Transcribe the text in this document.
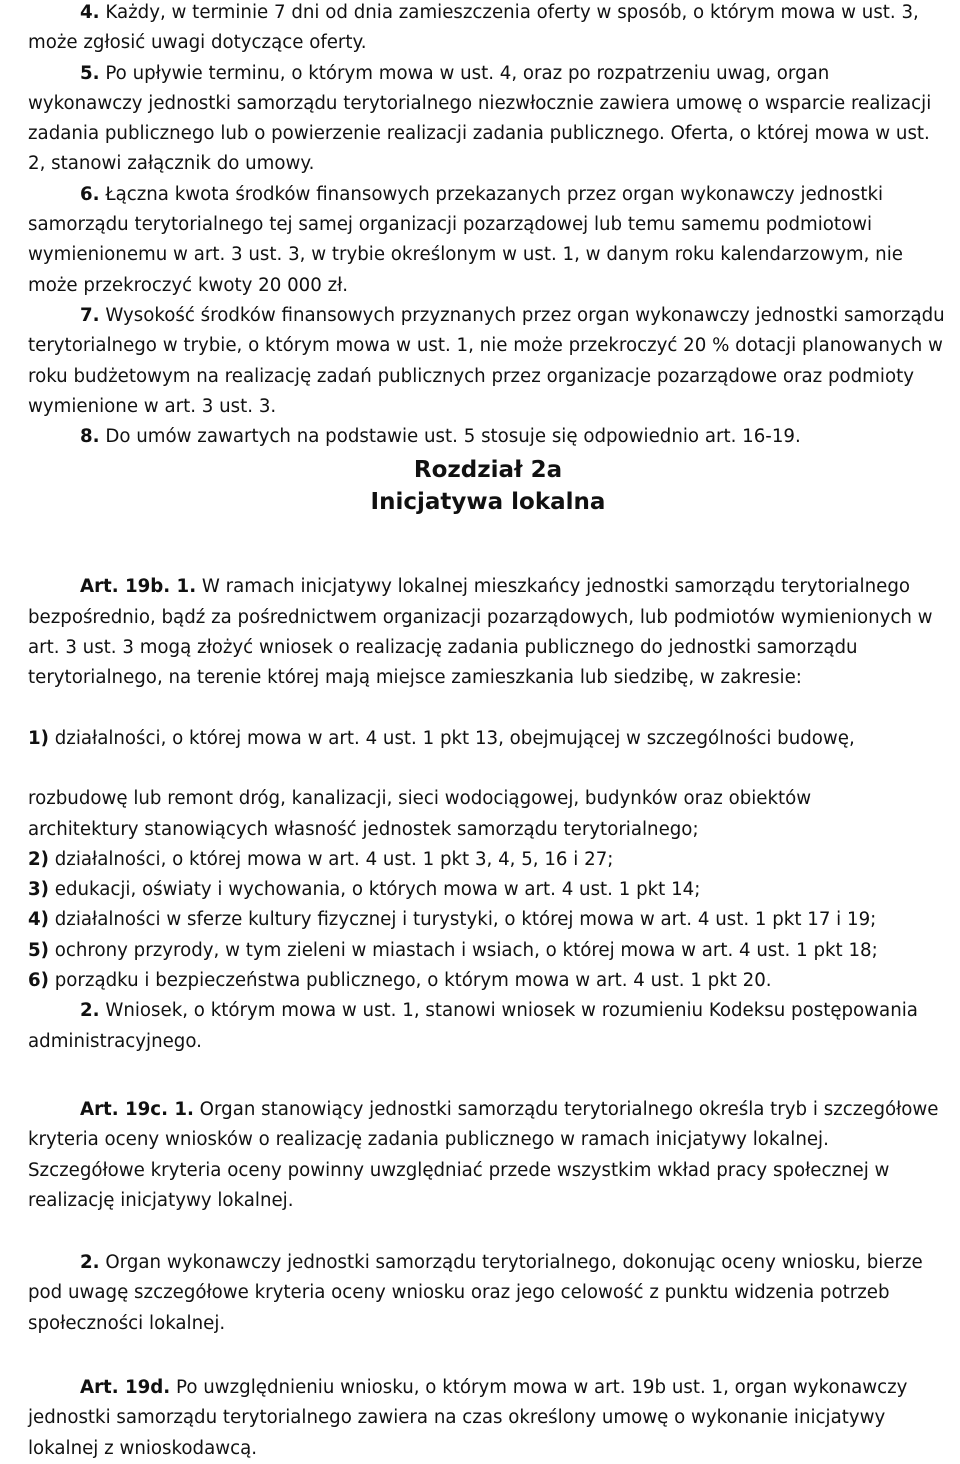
4. Każdy, w terminie 7 dni od dnia zamieszczenia oferty w sposób, o którym mowa w ust. 3, może zgłosić uwagi dotyczące oferty.

5. Po upływie terminu, o którym mowa w ust. 4, oraz po rozpatrzeniu uwag, organ wykonawczy jednostki samorządu terytorialnego niezwłocznie zawiera umowę o wsparcie realizacji zadania publicznego lub o powierzenie realizacji zadania publicznego. Oferta, o której mowa w ust. 2, stanowi załącznik do umowy.

6. Łączna kwota środków finansowych przekazanych przez organ wykonawczy jednostki samorządu terytorialnego tej samej organizacji pozarządowej lub temu samemu podmiotowi wymienionemu w art. 3 ust. 3, w trybie określonym w ust. 1, w danym roku kalendarzowym, nie może przekroczyć kwoty 20 000 zł.

7. Wysokość środków finansowych przyznanych przez organ wykonawczy jednostki samorządu terytorialnego w trybie, o którym mowa w ust. 1, nie może przekroczyć 20 % dotacji planowanych w roku budżetowym na realizację zadań publicznych przez organizacje pozarządowe oraz podmioty wymienione w art. 3 ust. 3.

8. Do umów zawartych na podstawie ust. 5 stosuje się odpowiednio art. 16-19.

Rozdział 2a
Inicjatywa lokalna

Art. 19b. 1. W ramach inicjatywy lokalnej mieszkańcy jednostki samorządu terytorialnego bezpośrednio, bądź za pośrednictwem organizacji pozarządowych, lub podmiotów wymienionych w art. 3 ust. 3 mogą złożyć wniosek o realizację zadania publicznego do jednostki samorządu terytorialnego, na terenie której mają miejsce zamieszkania lub siedzibę, w zakresie:

1) działalności, o której mowa w art. 4 ust. 1 pkt 13, obejmującej w szczególności budowę,

rozbudowę lub remont dróg, kanalizacji, sieci wodociągowej, budynków oraz obiektów

architektury stanowiących własność jednostek samorządu terytorialnego;

2) działalności, o której mowa w art. 4 ust. 1 pkt 3, 4, 5, 16 i 27;

3) edukacji, oświaty i wychowania, o których mowa w art. 4 ust. 1 pkt 14;

4) działalności w sferze kultury fizycznej i turystyki, o której mowa w art. 4 ust. 1 pkt 17 i 19;

5) ochrony przyrody, w tym zieleni w miastach i wsiach, o której mowa w art. 4 ust. 1 pkt 18;

6) porządku i bezpieczeństwa publicznego, o którym mowa w art. 4 ust. 1 pkt 20.

2. Wniosek, o którym mowa w ust. 1, stanowi wniosek w rozumieniu Kodeksu postępowania administracyjnego.

Art. 19c. 1. Organ stanowiący jednostki samorządu terytorialnego określa tryb i szczegółowe kryteria oceny wniosków o realizację zadania publicznego w ramach inicjatywy lokalnej. Szczegółowe kryteria oceny powinny uwzględniać przede wszystkim wkład pracy społecznej w realizację inicjatywy lokalnej.

2. Organ wykonawczy jednostki samorządu terytorialnego, dokonując oceny wniosku, bierze pod uwagę szczegółowe kryteria oceny wniosku oraz jego celowość z punktu widzenia potrzeb społeczności lokalnej.

Art. 19d. Po uwzględnieniu wniosku, o którym mowa w art. 19b ust. 1, organ wykonawczy jednostki samorządu terytorialnego zawiera na czas określony umowę o wykonanie inicjatywy lokalnej z wnioskodawcą.
